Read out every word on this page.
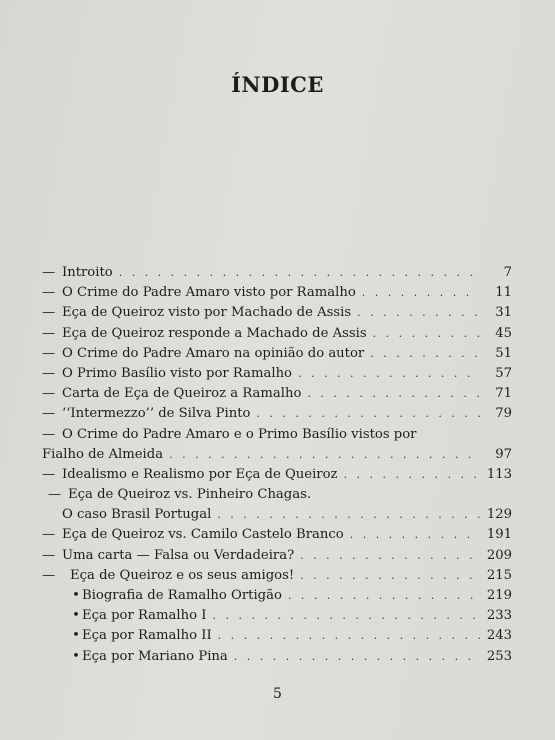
ÍNDICE
— Introito . . .	7
— O Crime do Padre Amaro visto por Ramalho . . .	11
— Eça de Queiroz visto por Machado de Assis . . .	31
— Eça de Queiroz responde a Machado de Assis . . .	45
— O Crime do Padre Amaro na opinião do autor . . .	51
— O Primo Basílio visto por Ramalho . . .	57
— Carta de Eça de Queiroz a Ramalho . . .	71
— ‘‘Intermezzo’’ de Silva Pinto . . .	79
— O Crime do Padre Amaro e o Primo Basílio vistos por
Fialho de Almeida . . .	97
— Idealismo e Realismo por Eça de Queiroz . . .	113
— Eça de Queiroz vs. Pinheiro Chagas.
O caso Brasil Portugal . . .	129
— Eça de Queiroz vs. Camilo Castelo Branco . . .	191
— Uma carta — Falsa ou Verdadeira? . . .	209
—	Eça de Queiroz e os seus amigos! . . .	215
• Biografia de Ramalho Ortigão . . .	219
• Eça por Ramalho I . . .	233
• Eça por Ramalho II . . .	243
• Eça por Mariano Pina . . .	253
5
